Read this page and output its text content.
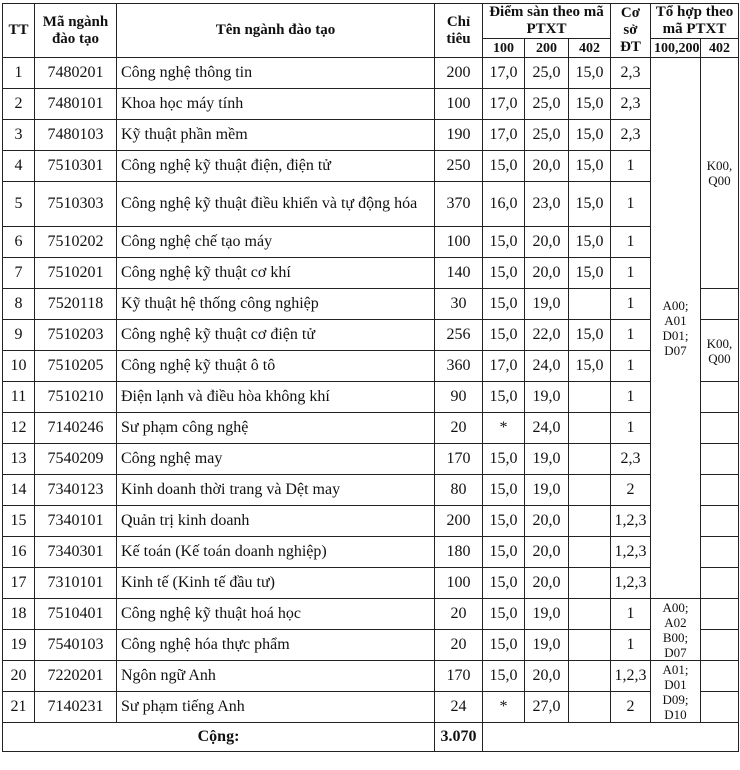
TT	Mã ngành đào tạo	Tên ngành đào tạo	Chỉ tiêu	Điểm sàn theo mã PTXT			Cơ sở ĐT	Tổ hợp theo mã PTXT	
				100	200	402		100,200	402
1	7480201	Công nghệ thông tin	200	17,0	25,0	15,0	2,3	A00; A01 D01; D07	K00, Q00
2	7480101	Khoa học máy tính	100	17,0	25,0	15,0	2,3		
3	7480103	Kỹ thuật phần mềm	190	17,0	25,0	15,0	2,3		
4	7510301	Công nghệ kỹ thuật điện, điện tử	250	15,0	20,0	15,0	1		
5	7510303	Công nghệ kỹ thuật điều khiển và tự động hóa	370	16,0	23,0	15,0	1		
6	7510202	Công nghệ chế tạo máy	100	15,0	20,0	15,0	1		
7	7510201	Công nghệ kỹ thuật cơ khí	140	15,0	20,0	15,0	1		
8	7520118	Kỹ thuật hệ thống công nghiệp	30	15,0	19,0		1		
9	7510203	Công nghệ kỹ thuật cơ điện tử	256	15,0	22,0	15,0	1		K00, Q00
10	7510205	Công nghệ kỹ thuật ô tô	360	17,0	24,0	15,0	1		
11	7510210	Điện lạnh và điều hòa không khí	90	15,0	19,0		1		
12	7140246	Sư phạm công nghệ	20	*	24,0		1		
13	7540209	Công nghệ may	170	15,0	19,0		2,3		
14	7340123	Kinh doanh thời trang và Dệt may	80	15,0	19,0		2		
15	7340101	Quản trị kinh doanh	200	15,0	20,0		1,2,3		
16	7340301	Kế toán (Kế toán doanh nghiệp)	180	15,0	20,0		1,2,3		
17	7310101	Kinh tế (Kinh tế đầu tư)	100	15,0	20,0		1,2,3		
18	7510401	Công nghệ kỹ thuật hoá học	20	15,0	19,0		1	A00; A02 B00; D07	
19	7540103	Công nghệ hóa thực phẩm	20	15,0	19,0		1		
20	7220201	Ngôn ngữ Anh	170	15,0	20,0		1,2,3	A01; D01 D09; D10	
21	7140231	Sư phạm tiếng Anh	24	*	27,0		2		
Cộng:			3.070						
